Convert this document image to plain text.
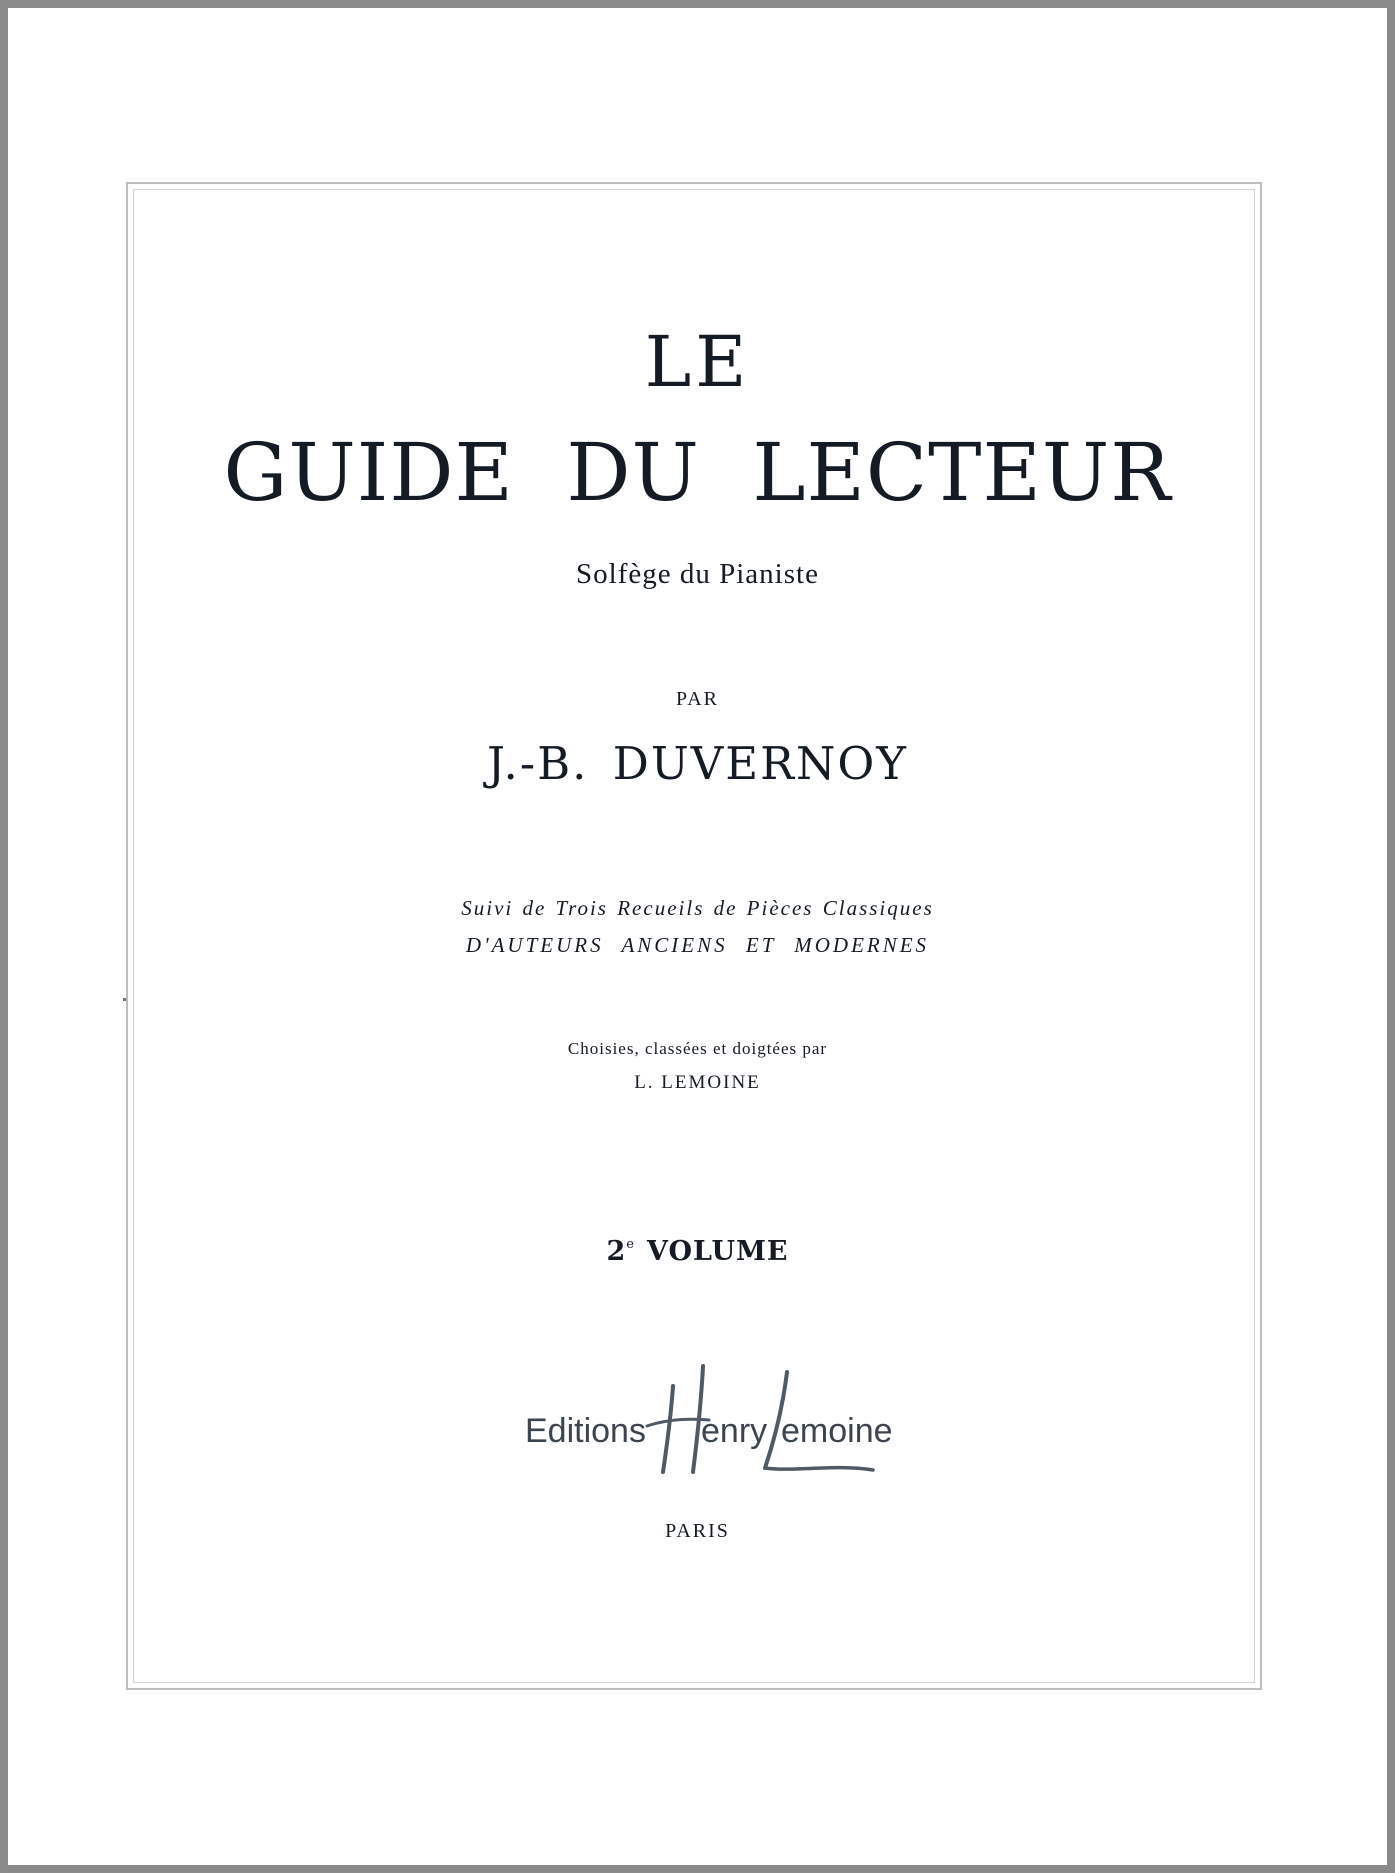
LE
GUIDE DU LECTEUR
Solfège du Pianiste
PAR
J.-B. DUVERNOY
Suivi de Trois Recueils de Pièces Classiques
D'AUTEURS ANCIENS ET MODERNES
Choisies, classées et doigtées par
L. LEMOINE
2e VOLUME
Editions enry emoine
PARIS
